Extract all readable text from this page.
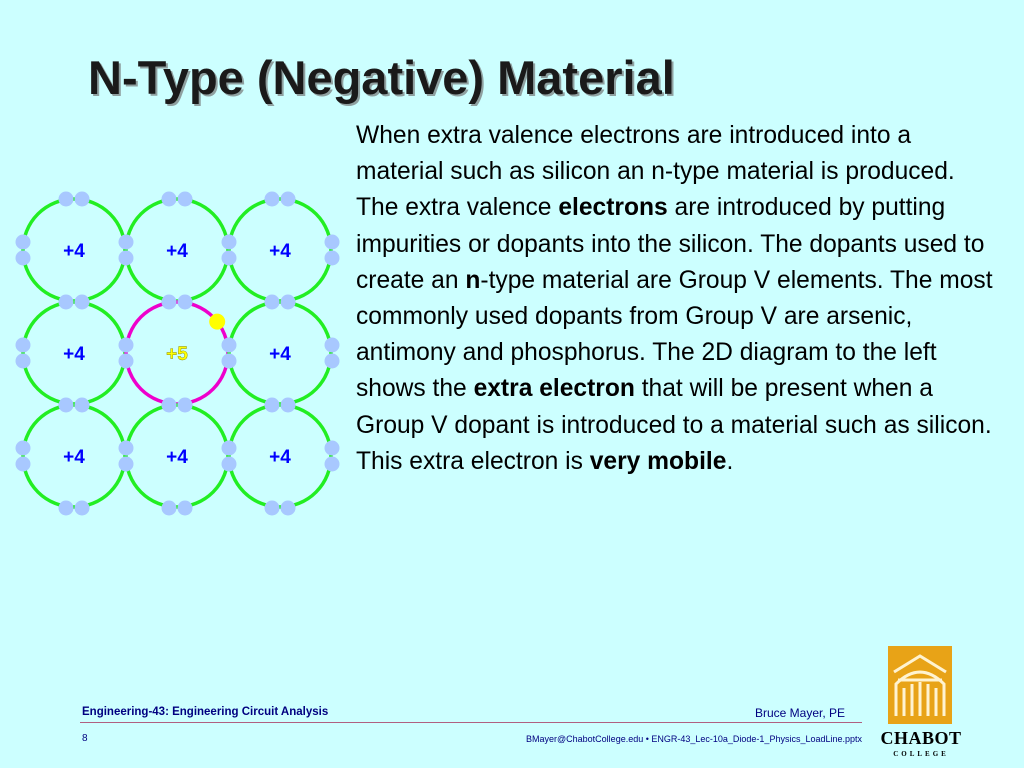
N-Type (Negative) Material
+4	+4	+4
+4	+5	+4
+4	+4	+4
When extra valence electrons are introduced into a material such as silicon an n-type material is produced. The extra valence electrons are introduced by putting impurities or dopants into the silicon. The dopants used to create an n-type material are Group V elements. The most commonly used dopants from Group V are arsenic, antimony and phosphorus. The 2D diagram to the left shows the extra electron that will be present when a Group V dopant is introduced to a material such as silicon. This extra electron is very mobile.
Engineering-43: Engineering Circuit Analysis	Bruce Mayer, PE
8	BMayer@ChabotCollege.edu • ENGR-43_Lec-10a_Diode-1_Physics_LoadLine.pptx CHABOT
COLLEGE
